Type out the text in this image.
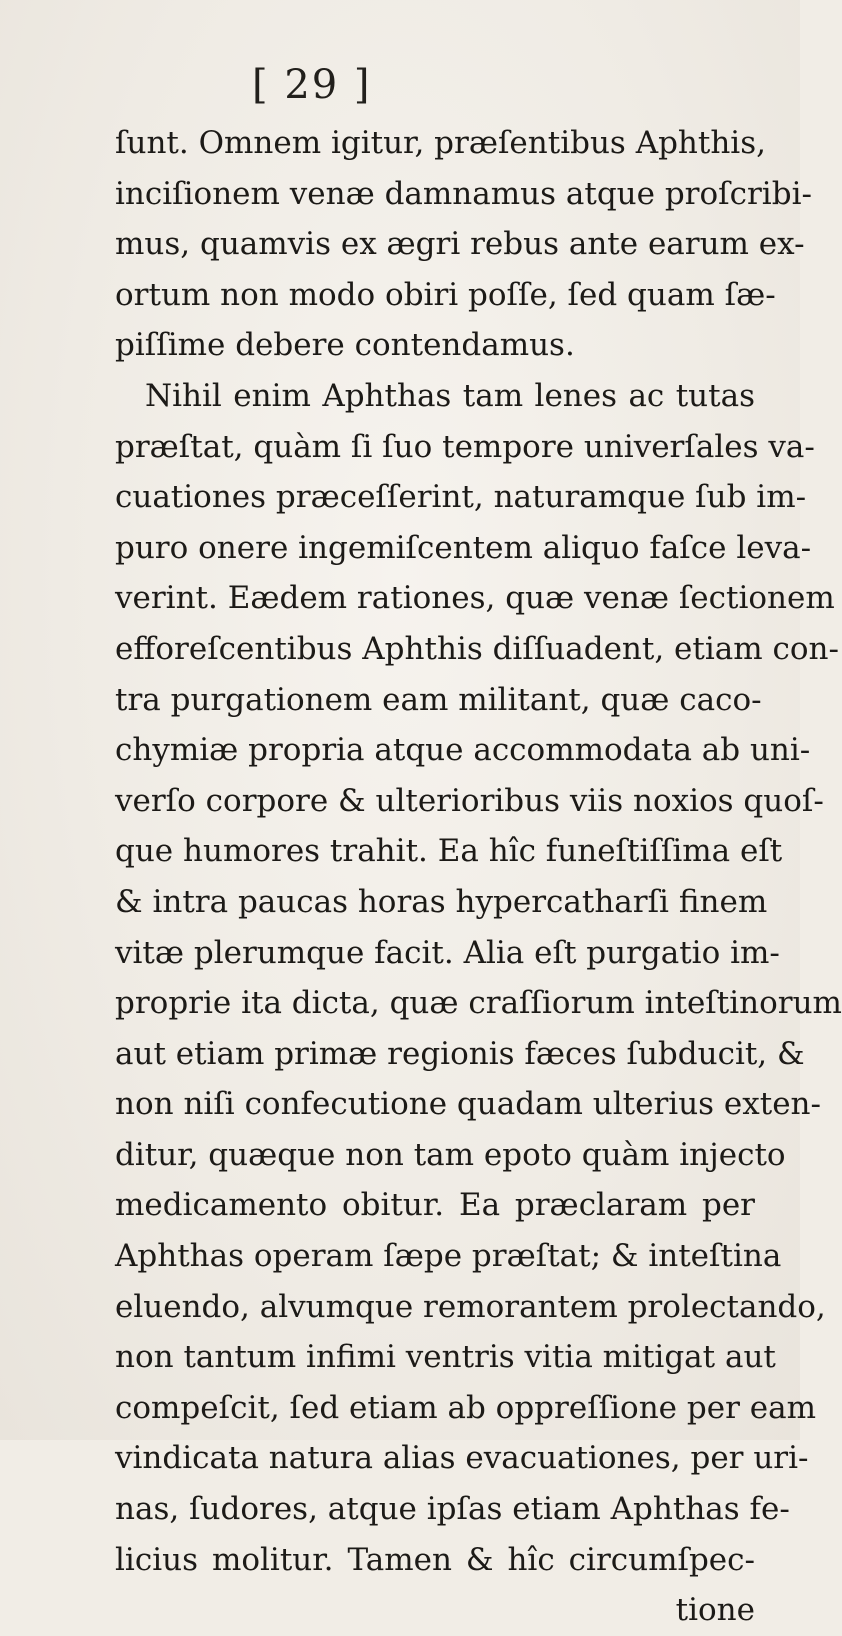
[ 29 ]
ſunt. Omnem igitur, præſentibus Aphthis,
inciſionem venæ damnamus atque proſcribi-
mus, quamvis ex ægri rebus ante earum ex-
ortum non modo obiri poſſe, ſed quam ſæ-
piſſime debere contendamus.
Nihil enim Aphthas tam lenes ac tutas
præſtat, quàm ſi ſuo tempore univerſales va-
cuationes præceſſerint, naturamque ſub im-
puro onere ingemiſcentem aliquo faſce leva-
verint. Eædem rationes, quæ venæ ſectionem
efforeſcentibus Aphthis diſſuadent, etiam con-
tra purgationem eam militant, quæ caco-
chymiæ propria atque accommodata ab uni-
verſo corpore & ulterioribus viis noxios quoſ-
que humores trahit. Ea hîc funeſtiſſima eſt
& intra paucas horas hypercatharſi finem
vitæ plerumque facit. Alia eſt purgatio im-
proprie ita dicta, quæ craſſiorum inteſtinorum
aut etiam primæ regionis fæces ſubducit, &
non niſi confecutione quadam ulterius exten-
ditur, quæque non tam epoto quàm injecto
medicamento obitur. Ea præclaram per
Aphthas operam ſæpe præſtat; & inteſtina
eluendo, alvumque remorantem prolectando,
non tantum infimi ventris vitia mitigat aut
compeſcit, ſed etiam ab oppreſſione per eam
vindicata natura alias evacuationes, per uri-
nas, ſudores, atque ipſas etiam Aphthas fe-
licius molitur. Tamen & hîc circumſpec-
tione
